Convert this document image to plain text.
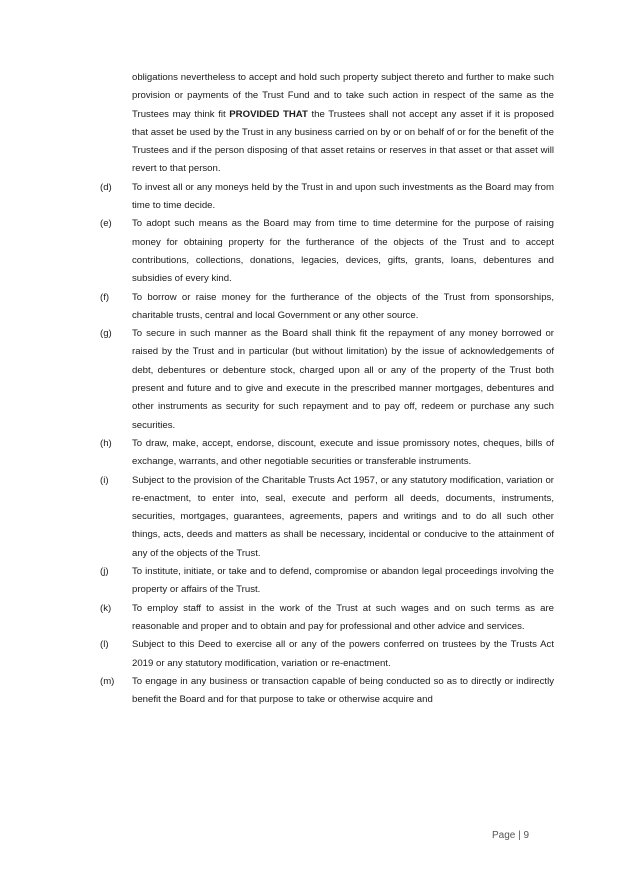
obligations nevertheless to accept and hold such property subject thereto and further to make such provision or payments of the Trust Fund and to take such action in respect of the same as the Trustees may think fit PROVIDED THAT the Trustees shall not accept any asset if it is proposed that asset be used by the Trust in any business carried on by or on behalf of or for the benefit of the Trustees and if the person disposing of that asset retains or reserves in that asset or that asset will revert to that person.
(d)	To invest all or any moneys held by the Trust in and upon such investments as the Board may from time to time decide.
(e)	To adopt such means as the Board may from time to time determine for the purpose of raising money for obtaining property for the furtherance of the objects of the Trust and to accept contributions, collections, donations, legacies, devices, gifts, grants, loans, debentures and subsidies of every kind.
(f)	To borrow or raise money for the furtherance of the objects of the Trust from sponsorships, charitable trusts, central and local Government or any other source.
(g)	To secure in such manner as the Board shall think fit the repayment of any money borrowed or raised by the Trust and in particular (but without limitation) by the issue of acknowledgements of debt, debentures or debenture stock, charged upon all or any of the property of the Trust both present and future and to give and execute in the prescribed manner mortgages, debentures and other instruments as security for such repayment and to pay off, redeem or purchase any such securities.
(h)	To draw, make, accept, endorse, discount, execute and issue promissory notes, cheques, bills of exchange, warrants, and other negotiable securities or transferable instruments.
(i)	Subject to the provision of the Charitable Trusts Act 1957, or any statutory modification, variation or re-enactment, to enter into, seal, execute and perform all deeds, documents, instruments, securities, mortgages, guarantees, agreements, papers and writings and to do all such other things, acts, deeds and matters as shall be necessary, incidental or conducive to the attainment of any of the objects of the Trust.
(j)	To institute, initiate, or take and to defend, compromise or abandon legal proceedings involving the property or affairs of the Trust.
(k)	To employ staff to assist in the work of the Trust at such wages and on such terms as are reasonable and proper and to obtain and pay for professional and other advice and services.
(l)	Subject to this Deed to exercise all or any of the powers conferred on trustees by the Trusts Act 2019 or any statutory modification, variation or re-enactment.
(m)	To engage in any business or transaction capable of being conducted so as to directly or indirectly benefit the Board and for that purpose to take or otherwise acquire and
Page | 9
